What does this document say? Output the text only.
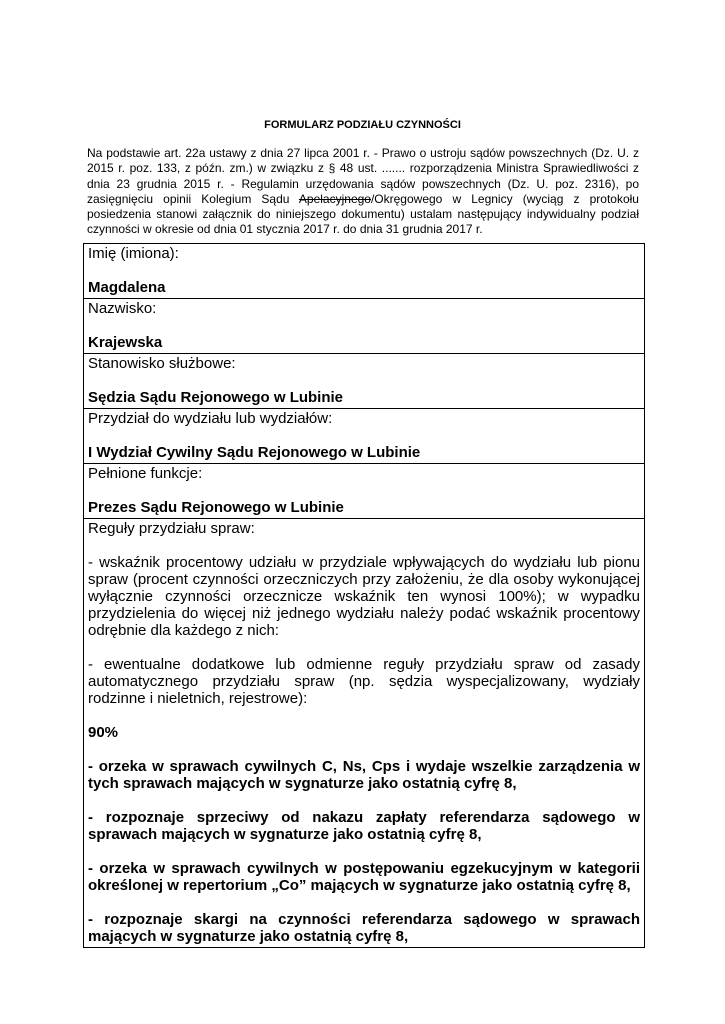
FORMULARZ PODZIAŁU CZYNNOŚCI
Na podstawie art. 22a ustawy z dnia 27 lipca 2001 r. - Prawo o ustroju sądów powszechnych (Dz. U. z 2015 r. poz. 133, z późn. zm.) w związku z § 48 ust. ....... rozporządzenia Ministra Sprawiedliwości z dnia 23 grudnia 2015 r. - Regulamin urzędowania sądów powszechnych (Dz. U. poz. 2316), po zasięgnięciu opinii Kolegium Sądu Apelacyjnego/Okręgowego w Legnicy (wyciąg z protokołu posiedzenia stanowi załącznik do niniejszego dokumentu) ustalam następujący indywidualny podział czynności w okresie od dnia 01 stycznia 2017 r. do dnia 31 grudnia 2017 r.
Imię (imiona):
Magdalena

Nazwisko:
Krajewska

Stanowisko służbowe:
Sędzia Sądu Rejonowego w Lubinie

Przydział do wydziału lub wydziałów:
I Wydział Cywilny Sądu Rejonowego w Lubinie

Pełnione funkcje:
Prezes Sądu Rejonowego w Lubinie

Reguły przydziału spraw:
- wskaźnik procentowy udziału w przydziale wpływających do wydziału lub pionu spraw (procent czynności orzeczniczych przy założeniu, że dla osoby wykonującej wyłącznie czynności orzecznicze wskaźnik ten wynosi 100%); w wypadku przydzielenia do więcej niż jednego wydziału należy podać wskaźnik procentowy odrębnie dla każdego z nich:
- ewentualne dodatkowe lub odmienne reguły przydziału spraw od zasady automatycznego przydziału spraw (np. sędzia wyspecjalizowany, wydziały rodzinne i nieletnich, rejestrowe):
90%
- orzeka w sprawach cywilnych C, Ns, Cps i wydaje wszelkie zarządzenia w tych sprawach mających w sygnaturze jako ostatnią cyfrę 8,
- rozpoznaje sprzeciwy od nakazu zapłaty referendarza sądowego w sprawach mających w sygnaturze jako ostatnią cyfrę 8,
- orzeka w sprawach cywilnych w postępowaniu egzekucyjnym w kategorii określonej w repertorium „Co” mających w sygnaturze jako ostatnią cyfrę 8,
- rozpoznaje skargi na czynności referendarza sądowego w sprawach mających w sygnaturze jako ostatnią cyfrę 8,
